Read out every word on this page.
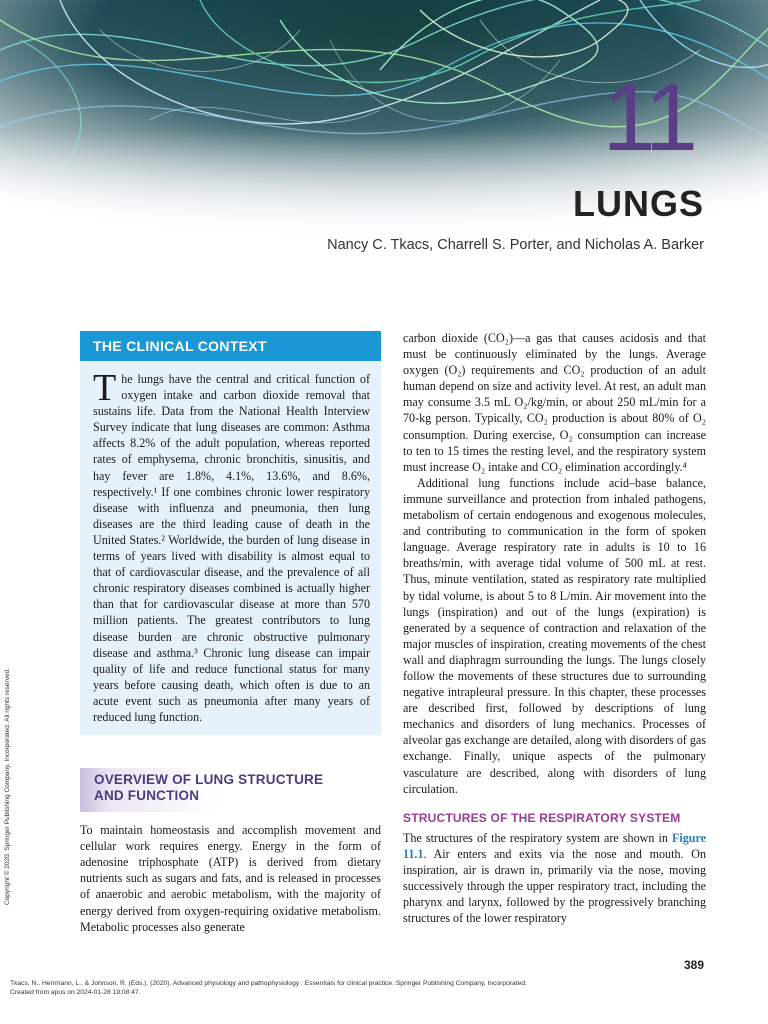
11
LUNGS
Nancy C. Tkacs, Charrell S. Porter, and Nicholas A. Barker
THE CLINICAL CONTEXT
T he lungs have the central and critical function of oxygen intake and carbon dioxide removal that sustains life. Data from the National Health Interview Survey indicate that lung diseases are common: Asthma affects 8.2% of the adult population, whereas reported rates of emphysema, chronic bronchitis, sinusitis, and hay fever are 1.8%, 4.1%, 13.6%, and 8.6%, respectively.¹ If one combines chronic lower respiratory disease with influenza and pneumonia, then lung diseases are the third leading cause of death in the United States.² Worldwide, the burden of lung disease in terms of years lived with disability is almost equal to that of cardiovascular disease, and the prevalence of all chronic respiratory diseases combined is actually higher than that for cardiovascular disease at more than 570 million patients. The greatest contributors to lung disease burden are chronic obstructive pulmonary disease and asthma.³ Chronic lung disease can impair quality of life and reduce functional status for many years before causing death, which often is due to an acute event such as pneumonia after many years of reduced lung function.
OVERVIEW OF LUNG STRUCTURE
AND FUNCTION

To maintain homeostasis and accomplish movement and cellular work requires energy. Energy in the form of adenosine triphosphate (ATP) is derived from dietary nutrients such as sugars and fats, and is released in processes of anaerobic and aerobic metabolism, with the majority of energy derived from oxygen-requiring oxidative metabolism. Metabolic processes also generate

carbon dioxide (CO₂)—a gas that causes acidosis and that must be continuously eliminated by the lungs. Average oxygen (O₂) requirements and CO₂ production of an adult human depend on size and activity level. At rest, an adult man may consume 3.5 mL O₂/kg/min, or about 250 mL/min for a 70-kg person. Typically, CO₂ production is about 80% of O₂ consumption. During exercise, O₂ consumption can increase to ten to 15 times the resting level, and the respiratory system must increase O₂ intake and CO₂ elimination accordingly.⁴

Additional lung functions include acid–base balance, immune surveillance and protection from inhaled pathogens, metabolism of certain endogenous and exogenous molecules, and contributing to communication in the form of spoken language. Average respiratory rate in adults is 10 to 16 breaths/min, with average tidal volume of 500 mL at rest. Thus, minute ventilation, stated as respiratory rate multiplied by tidal volume, is about 5 to 8 L/min. Air movement into the lungs (inspiration) and out of the lungs (expiration) is generated by a sequence of contraction and relaxation of the major muscles of inspiration, creating movements of the chest wall and diaphragm surrounding the lungs. The lungs closely follow the movements of these structures due to surrounding negative intrapleural pressure. In this chapter, these processes are described first, followed by descriptions of lung mechanics and disorders of lung mechanics. Processes of alveolar gas exchange are detailed, along with disorders of gas exchange. Finally, unique aspects of the pulmonary vasculature are described, along with disorders of lung circulation.

STRUCTURES OF THE RESPIRATORY SYSTEM

The structures of the respiratory system are shown in Figure 11.1. Air enters and exits via the nose and mouth. On inspiration, air is drawn in, primarily via the nose, moving successively through the upper respiratory tract, including the pharynx and larynx, followed by the progressively branching structures of the lower respiratory

389
Copyright © 2020. Springer Publishing Company, Incorporated. All rights reserved.
Tkacs, N., Herrmann, L., & Johnson, R. (Eds.). (2020). Advanced physiology and pathophysiology : Essentials for clinical practice. Springer Publishing Company, Incorporated.
Created from apus on 2024-01-28 19:08:47.
